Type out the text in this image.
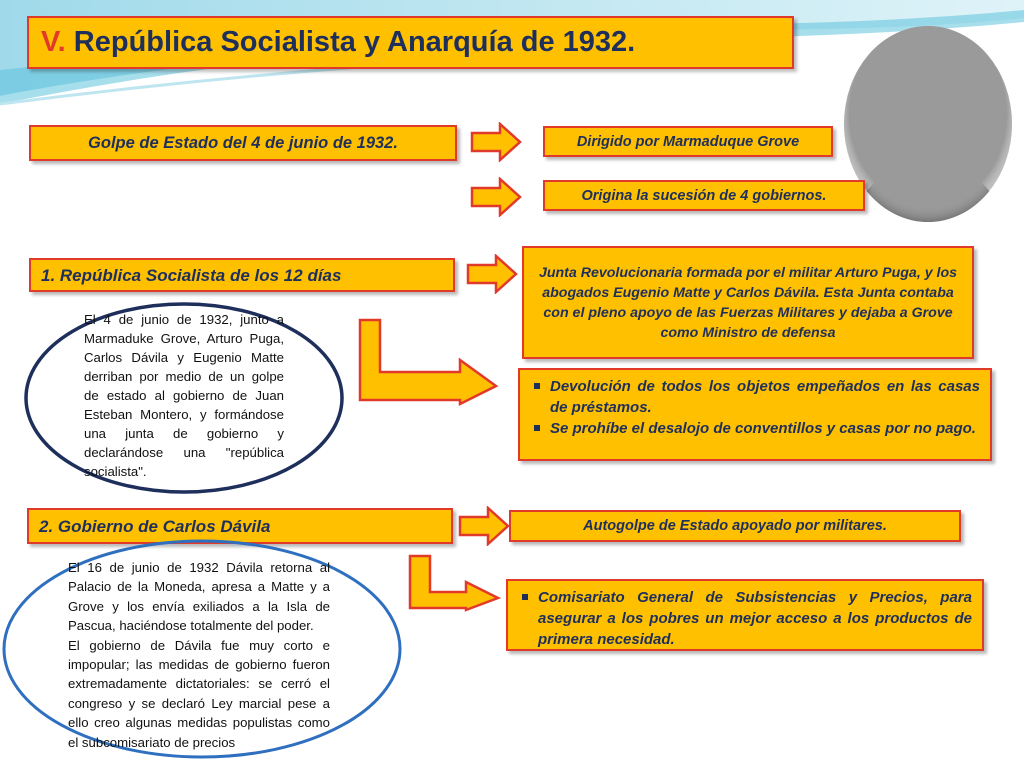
V. República Socialista y Anarquía de 1932.
Golpe de Estado del 4 de junio de 1932.	Dirigido por Marmaduque Grove
Origina la sucesión de 4 gobiernos.
1. República Socialista de los 12 días	Junta Revolucionaria formada por el militar Arturo Puga, y los abogados Eugenio Matte y Carlos Dávila. Esta Junta contaba con el pleno apoyo de las Fuerzas Militares y dejaba a Grove como Ministro de defensa
Devolución de todos los objetos empeñados en las casas de préstamos.
Se prohíbe el desalojo de conventillos y casas por no pago.

El 4 de junio de 1932, junto a Marmaduke Grove, Arturo Puga, Carlos Dávila y Eugenio Matte derriban por medio de un golpe de estado al gobierno de Juan Esteban Montero, y formándose una junta de gobierno y declarándose una "república socialista".

2. Gobierno de Carlos Dávila	Autogolpe de Estado apoyado por militares.
Comisariato General de Subsistencias y Precios, para asegurar a los pobres un mejor acceso a los productos de primera necesidad.

El 16 de junio de 1932 Dávila retorna al Palacio de la Moneda, apresa a Matte y a Grove y los envía exiliados a la Isla de Pascua, haciéndose totalmente del poder.

El gobierno de Dávila fue muy corto e impopular; las medidas de gobierno fueron extremadamente dictatoriales: se cerró el congreso y se declaró Ley marcial pese a ello creo algunas medidas populistas como el subcomisariato de precios
